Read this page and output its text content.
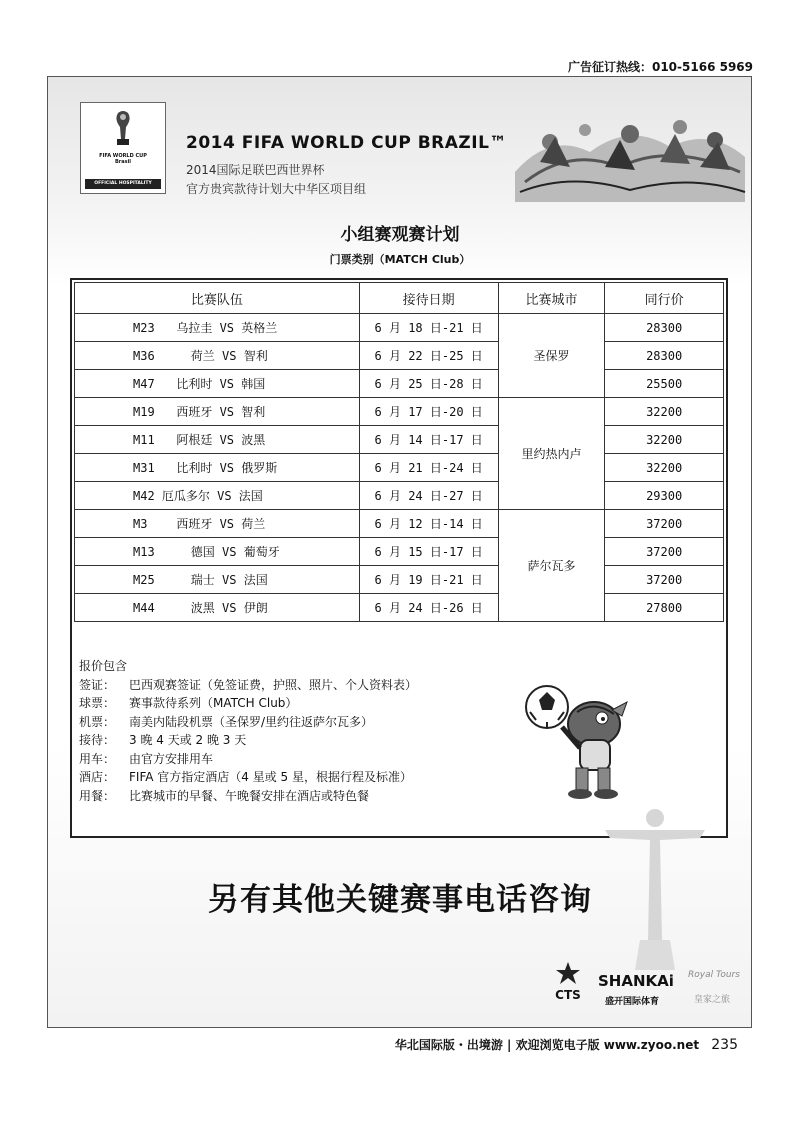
广告征订热线：010-5166 5969
FIFA WORLD CUP
Brasil
OFFICIAL HOSPITALITY
2014 FIFA WORLD CUP BRAZIL™
2014国际足联巴西世界杯
官方贵宾款待计划大中华区项目组
小组赛观赛计划
门票类别（MATCH Club）
比赛队伍	接待日期	比赛城市	同行价
M23   乌拉圭 VS 英格兰	6 月 18 日-21 日	圣保罗	28300
M36     荷兰 VS 智利	6 月 22 日-25 日		28300
M47   比利时 VS 韩国	6 月 25 日-28 日		25500
M19   西班牙 VS 智利	6 月 17 日-20 日	里约热内卢	32200
M11   阿根廷 VS 波黑	6 月 14 日-17 日		32200
M31   比利时 VS 俄罗斯	6 月 21 日-24 日		32200
M42 厄瓜多尔 VS 法国	6 月 24 日-27 日		29300
M3    西班牙 VS 荷兰	6 月 12 日-14 日	萨尔瓦多	37200
M13     德国 VS 葡萄牙	6 月 15 日-17 日		37200
M25     瑞士 VS 法国	6 月 19 日-21 日		37200
M44     波黑 VS 伊朗	6 月 24 日-26 日		27800
报价包含
签证： 巴西观赛签证（免签证费，护照、照片、个人资料表）
球票： 赛事款待系列（MATCH Club）
机票： 南美内陆段机票（圣保罗/里约往返萨尔瓦多）
接待： 3 晚 4 天或 2 晚 3 天
用车： 由官方安排用车
酒店： FIFA 官方指定酒店（4 星或 5 星，根据行程及标准）
用餐： 比赛城市的早餐、午晚餐安排在酒店或特色餐
另有其他关键赛事电话咨询
CTS
SHANKAi
盛开国际体育
Royal Tours
皇家之旅
华北国际版・出境游 | 欢迎浏览电子版 www.zyoo.net 235
